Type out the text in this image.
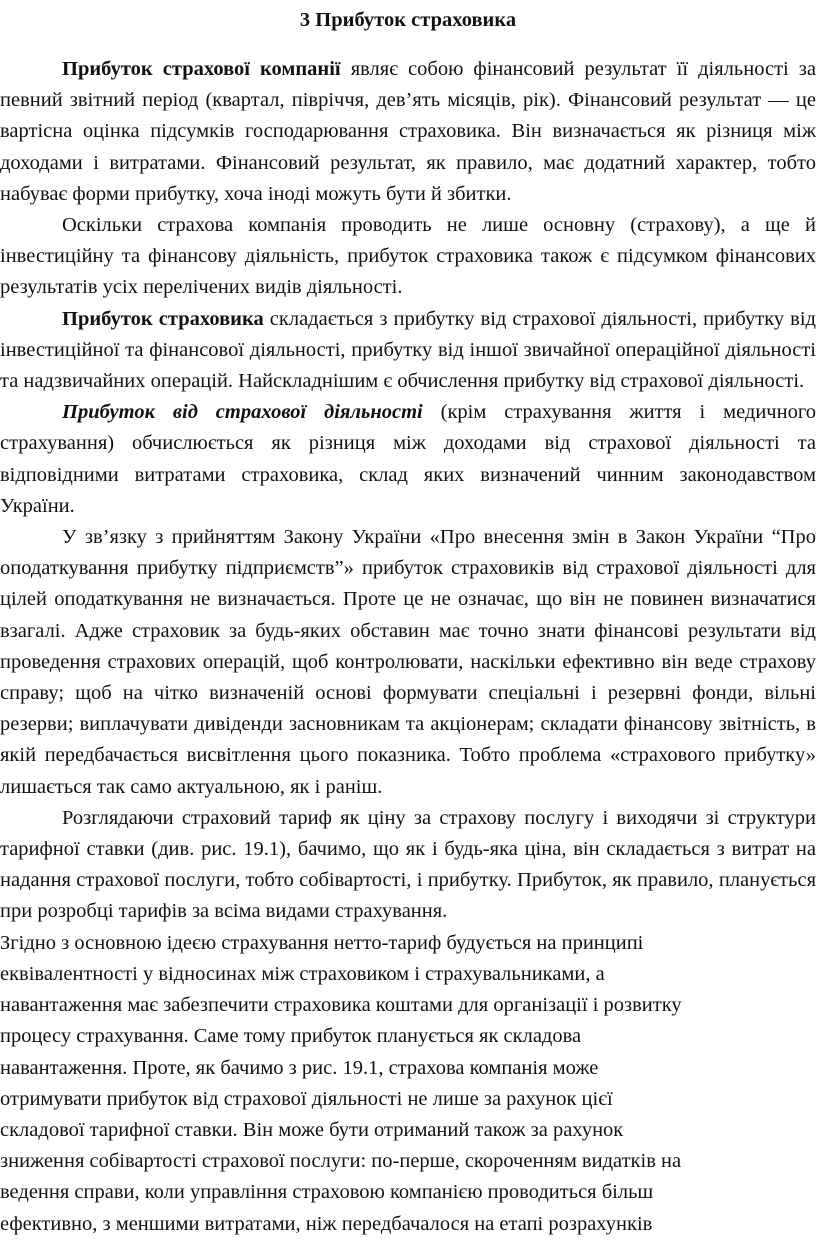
3 Прибуток страховика

Прибуток страхової компанії являє собою фінансовий результат її діяльності за певний звітний період (квартал, півріччя, дев’ять місяців, рік). Фінансовий результат — це вартісна оцінка підсумків господарювання страховика. Він визначається як різниця між доходами і витратами. Фінансовий результат, як правило, має додатний характер, тобто набуває форми прибутку, хоча іноді можуть бути й збитки.

Оскільки страхова компанія проводить не лише основну (страхову), а ще й інвестиційну та фінансову діяльність, прибуток страховика також є підсумком фінансових результатів усіх перелічених видів діяльності.

Прибуток страховика складається з прибутку від страхової діяльності, прибутку від інвестиційної та фінансової діяльності, прибутку від іншої звичайної операційної діяльності та надзвичайних операцій. Найскладнішим є обчислення прибутку від страхової діяльності.

Прибуток від страхової діяльності (крім страхування життя і медичного страхування) обчислюється як різниця між доходами від страхової діяльності та відповідними витратами страховика, склад яких визначений чинним законодавством України.

У зв’язку з прийняттям Закону України «Про внесення змін в Закон України “Про оподаткування прибутку підприємств”» прибуток страховиків від страхової діяльності для цілей оподаткування не визначається. Проте це не означає, що він не повинен визначатися взагалі. Адже страховик за будь-яких обставин має точно знати фінансові результати від проведення страхових операцій, щоб контролювати, наскільки ефективно він веде страхову справу; щоб на чітко визначеній основі формувати спеціальні і резервні фонди, вільні резерви; виплачувати дивіденди засновникам та акціонерам; складати фінансову звітність, в якій передбачається висвітлення цього показника. Тобто проблема «страхового прибутку» лишається так само актуальною, як і раніш.

Розглядаючи страховий тариф як ціну за страхову послугу і виходячи зі структури тарифної ставки (див. рис. 19.1), бачимо, що як і будь-яка ціна, він складається з витрат на надання страхової послуги, тобто собівартості, і прибутку. Прибуток, як правило, планується при розробці тарифів за всіма видами страхування.

Згідно з основною ідеєю страхування нетто-тариф будується на принципі
еквівалентності у відносинах між страховиком і страхувальниками, а
навантаження має забезпечити страховика коштами для організації і розвитку
процесу страхування. Саме тому прибуток планується як складова
навантаження. Проте, як бачимо з рис. 19.1, страхова компанія може
отримувати прибуток від страхової діяльності не лише за рахунок цієї
складової тарифної ставки. Він може бути отриманий також за рахунок
зниження собівартості страхової послуги: по-перше, скороченням видатків на
ведення справи, коли управління страховою компанією проводиться більш
ефективно, з меншими витратами, ніж передбачалося на етапі розрахунків
